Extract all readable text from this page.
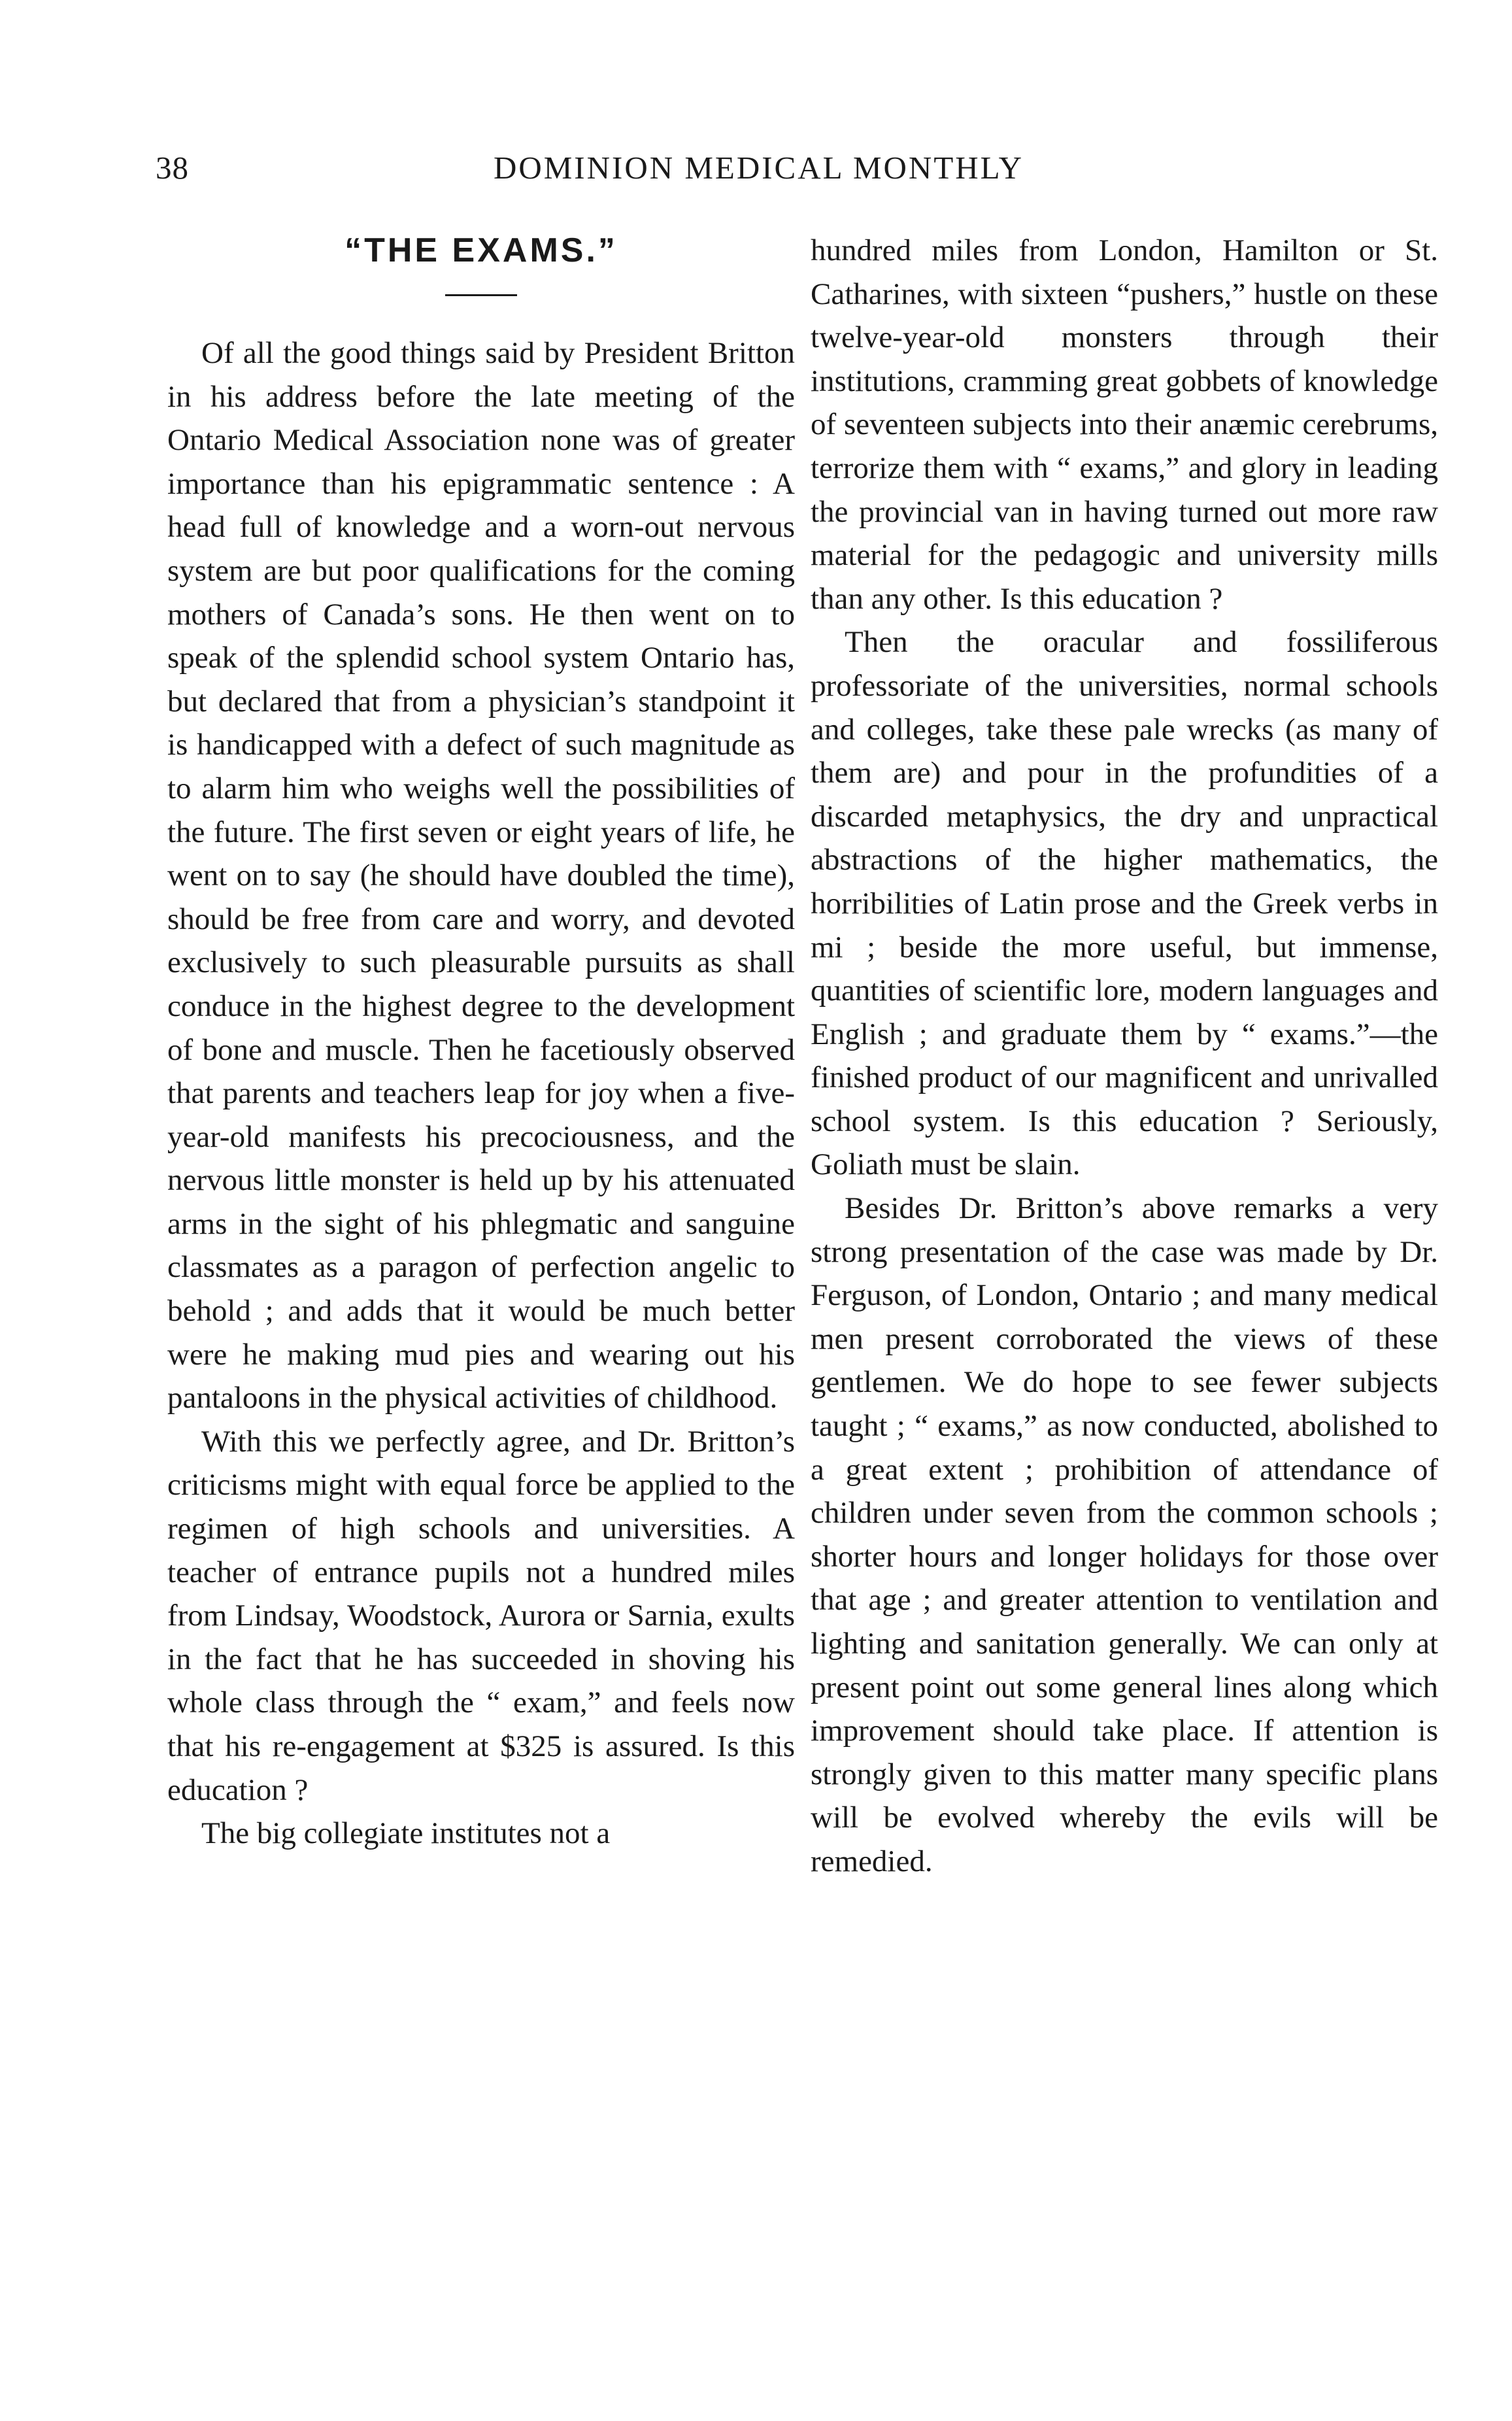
38	DOMINION MEDICAL MONTHLY
“THE EXAMS.”

Of all the good things said by President Britton in his address before the late meeting of the Ontario Medical Association none was of greater importance than his epigrammatic sentence : A head full of knowledge and a worn-out nervous system are but poor qualifications for the coming mothers of Canada’s sons. He then went on to speak of the splendid school system Ontario has, but declared that from a physician’s standpoint it is handicapped with a defect of such magnitude as to alarm him who weighs well the possibilities of the future. The first seven or eight years of life, he went on to say (he should have doubled the time), should be free from care and worry, and devoted exclusively to such pleasurable pursuits as shall conduce in the highest degree to the development of bone and muscle. Then he facetiously observed that parents and teachers leap for joy when a five-year-old manifests his precociousness, and the nervous little monster is held up by his attenuated arms in the sight of his phlegmatic and sanguine classmates as a paragon of perfection angelic to behold ; and adds that it would be much better were he making mud pies and wearing out his pantaloons in the physical activities of childhood.

With this we perfectly agree, and Dr. Britton’s criticisms might with equal force be applied to the regimen of high schools and universities. A teacher of entrance pupils not a hundred miles from Lindsay, Woodstock, Aurora or Sarnia, exults in the fact that he has succeeded in shoving his whole class through the “ exam,” and feels now that his re-engagement at $325 is assured. Is this education ?

The big collegiate institutes not a

hundred miles from London, Hamilton or St. Catharines, with sixteen “pushers,” hustle on these twelve-year-old monsters through their institutions, cramming great gobbets of knowledge of seventeen subjects into their anæmic cerebrums, terrorize them with “ exams,” and glory in leading the provincial van in having turned out more raw material for the pedagogic and university mills than any other. Is this education ?

Then the oracular and fossiliferous professoriate of the universities, normal schools and colleges, take these pale wrecks (as many of them are) and pour in the profundities of a discarded metaphysics, the dry and unpractical abstractions of the higher mathematics, the horribilities of Latin prose and the Greek verbs in mi ; beside the more useful, but immense, quantities of scientific lore, modern languages and English ; and graduate them by “ exams.”—the finished product of our magnificent and unrivalled school system. Is this education ? Seriously, Goliath must be slain.

Besides Dr. Britton’s above remarks a very strong presentation of the case was made by Dr. Ferguson, of London, Ontario ; and many medical men present corroborated the views of these gentlemen. We do hope to see fewer subjects taught ; “ exams,” as now conducted, abolished to a great extent ; prohibition of attendance of children under seven from the common schools ; shorter hours and longer holidays for those over that age ; and greater attention to ventilation and lighting and sanitation generally. We can only at present point out some general lines along which improvement should take place. If attention is strongly given to this matter many specific plans will be evolved whereby the evils will be remedied.
